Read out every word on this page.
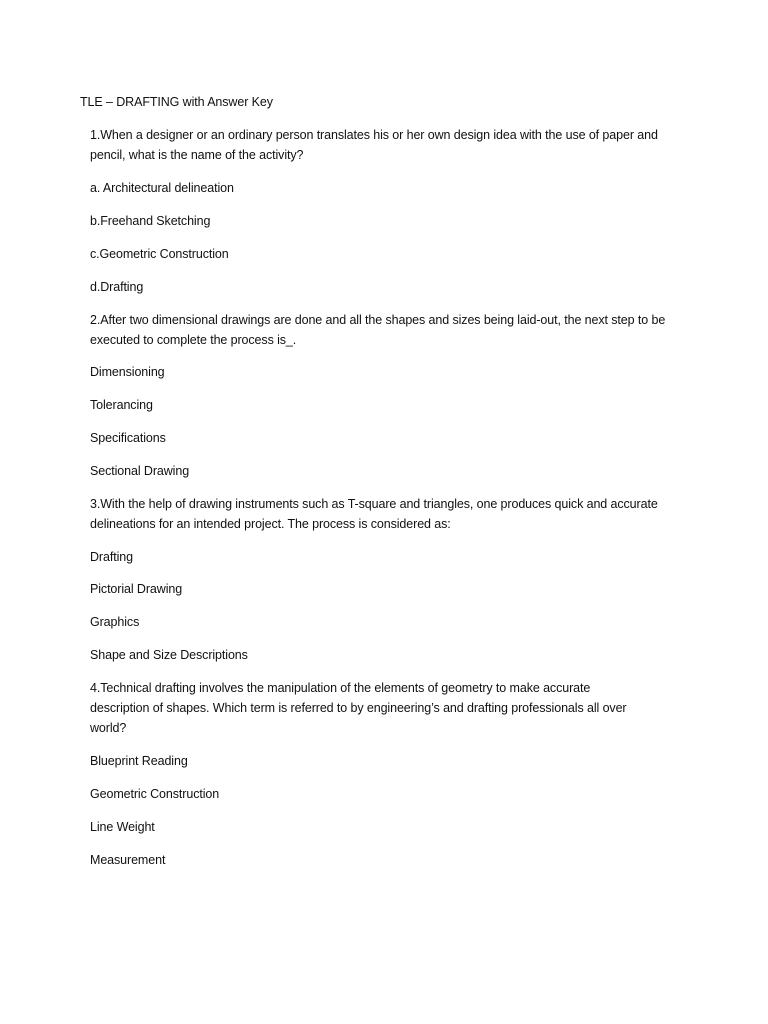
TLE – DRAFTING with Answer Key
1.When a designer or an ordinary person translates his or her own design idea with the use of paper and pencil, what is the name of the activity?
a. Architectural delineation
b.Freehand Sketching
c.Geometric Construction
d.Drafting
2.After two dimensional drawings are done and all the shapes and sizes being laid-out, the next step to be executed to complete the process is_.
Dimensioning
Tolerancing
Specifications
Sectional Drawing
3.With the help of drawing instruments such as T-square and triangles, one produces quick and accurate delineations for an intended project. The process is considered as:
Drafting
Pictorial Drawing
Graphics
Shape and Size Descriptions
4.Technical drafting involves the manipulation of the elements of geometry to make accurate description of shapes. Which term is referred to by engineering’s and drafting professionals all over world?
Blueprint Reading
Geometric Construction
Line Weight
Measurement
